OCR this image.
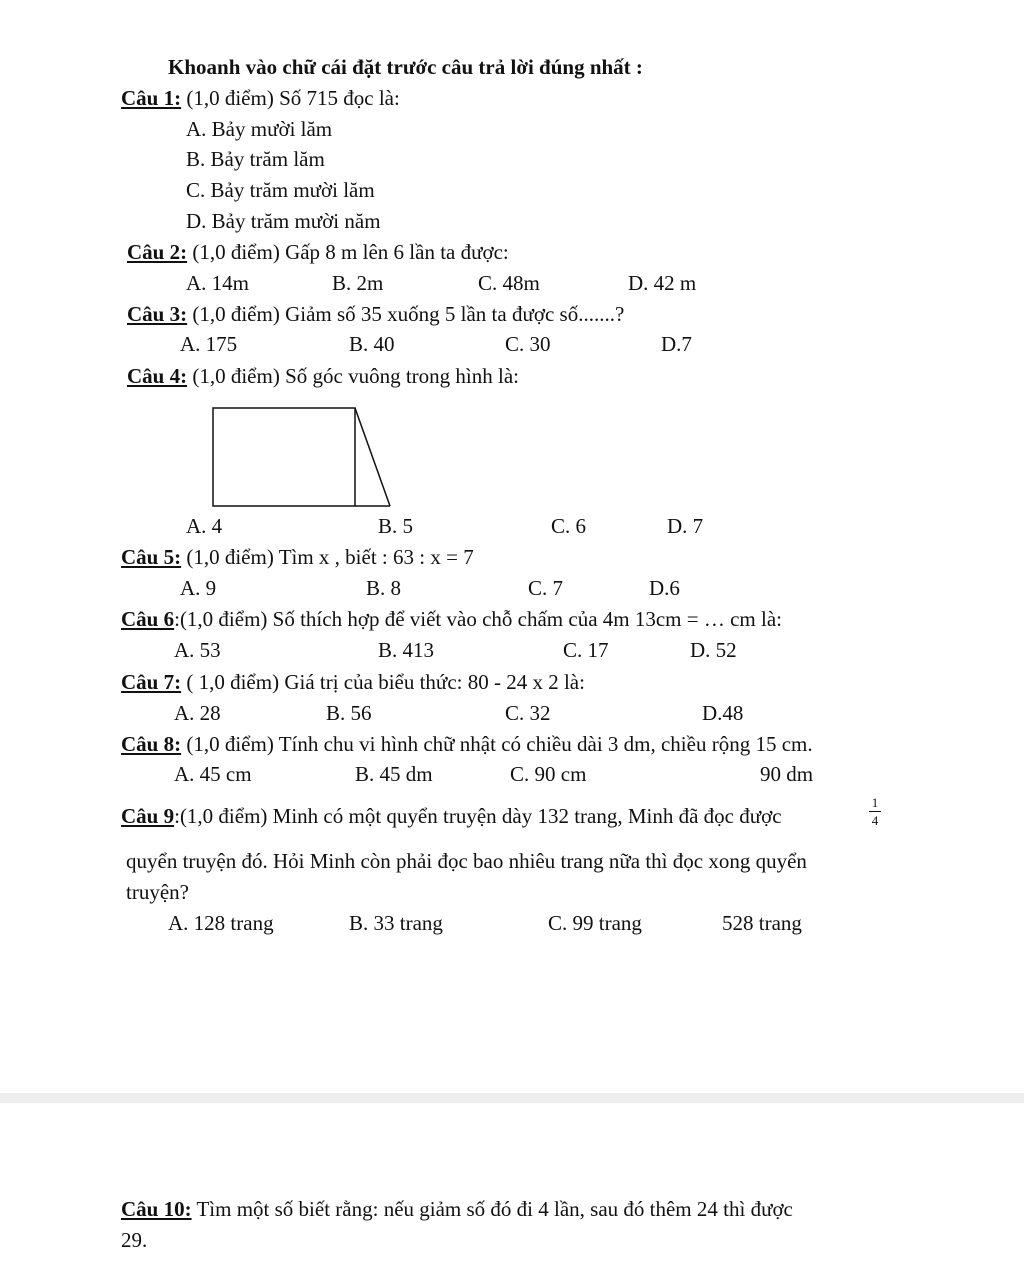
Khoanh vào chữ cái đặt trước câu trả lời đúng nhất :
Câu 1: (1,0 điểm) Số 715 đọc là:
A. Bảy mười lăm
B. Bảy trăm lăm
C. Bảy trăm mười lăm
D. Bảy trăm mười năm
Câu 2: (1,0 điểm) Gấp 8 m lên 6 lần ta được:
A. 14m	B. 2m	C. 48m	D. 42 m
Câu 3: (1,0 điểm) Giảm số 35 xuống 5 lần ta được số.......?
A. 175	B. 40	C. 30	D.7
Câu 4: (1,0 điểm) Số góc vuông trong hình là:
A. 4	B. 5	C. 6	D. 7
Câu 5: (1,0 điểm) Tìm x , biết : 63 : x = 7
A. 9	B. 8	C. 7	D.6
Câu 6:(1,0 điểm) Số thích hợp để viết vào chỗ chấm của 4m 13cm = … cm là:
A. 53	B. 413	C. 17	D. 52
Câu 7: ( 1,0 điểm) Giá trị của biểu thức: 80 - 24 x 2 là:
A. 28	B. 56	C. 32	D.48
Câu 8: (1,0 điểm) Tính chu vi hình chữ nhật có chiều dài 3 dm, chiều rộng 15 cm.
A. 45 cm	B. 45 dm	C. 90 cm	90 dm
Câu 9:(1,0 điểm) Minh có một quyển truyện dày 132 trang, Minh đã đọc được	$\frac{1}{4}$
quyển truyện đó. Hỏi Minh còn phải đọc bao nhiêu trang nữa thì đọc xong quyển
truyện?
A. 128 trang	B. 33 trang	C. 99 trang	528 trang
Câu 10: Tìm một số biết rằng: nếu giảm số đó đi 4 lần, sau đó thêm 24 thì được
29.
